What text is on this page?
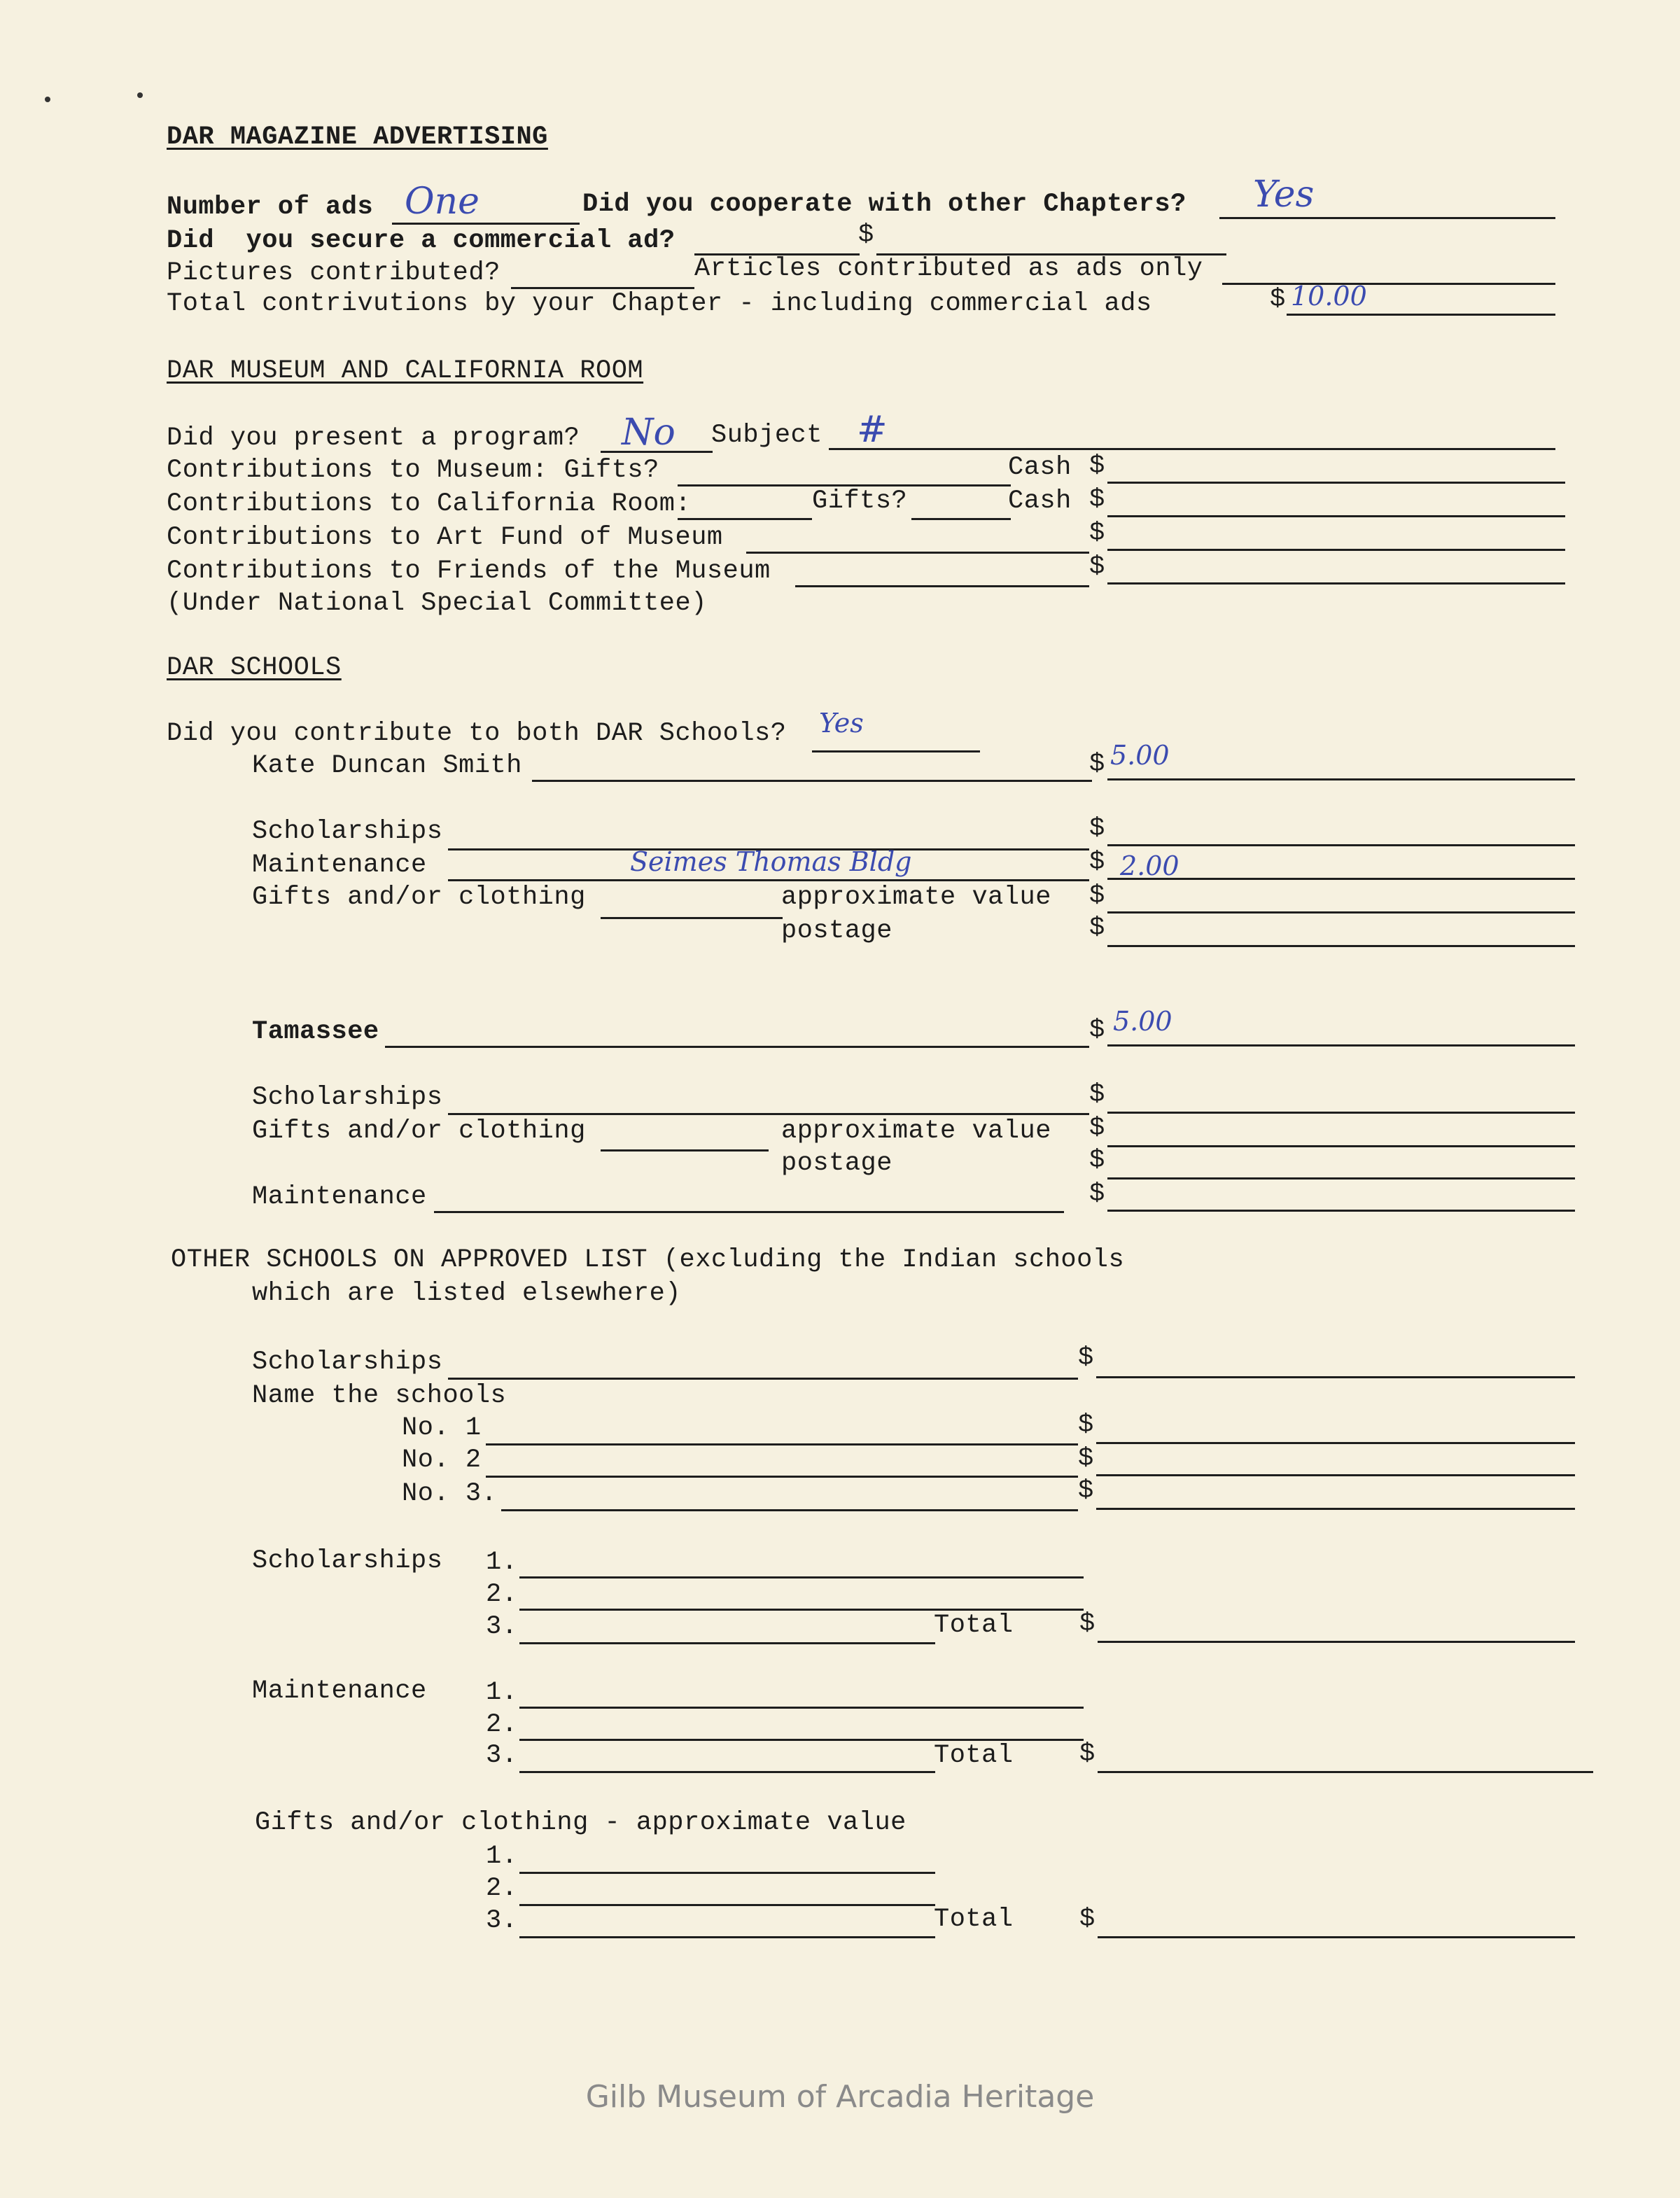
DAR MAGAZINE ADVERTISING
Number of ads One	Did you cooperate with other Chapters? Yes
Did  you secure a commercial ad?	$
Pictures contributed?	Articles contributed as ads only
Total contrivutions by your Chapter - including commercial ads	$ 10.00
DAR MUSEUM AND CALIFORNIA ROOM
Did you present a program? No Subject #
Contributions to Museum: Gifts?	Cash $
Contributions to California Room:	Gifts?	Cash $
Contributions to Art Fund of Museum	$
Contributions to Friends of the Museum	$
(Under National Special Committee)
DAR SCHOOLS
Did you contribute to both DAR Schools? Yes
Kate Duncan Smith	$ 5.00
Scholarships	$
Maintenance	Seimes Thomas Bldg	$ 2.00
Gifts and/or clothing	approximate value $
postage	$
Tamassee	$ 5.00
Scholarships	$
Gifts and/or clothing	approximate value $
postage	$
Maintenance	$
OTHER SCHOOLS ON APPROVED LIST (excluding the Indian schools
which are listed elsewhere)
Scholarships	$
Name the schools
No. 1	$
No. 2	$
No. 3.	$
Scholarships 1.
2.
3.	Total	$
Maintenance 1.
2.
3.	Total	$
Gifts and/or clothing - approximate value
1.
2.
3.	Total	$
Gilb Museum of Arcadia Heritage
